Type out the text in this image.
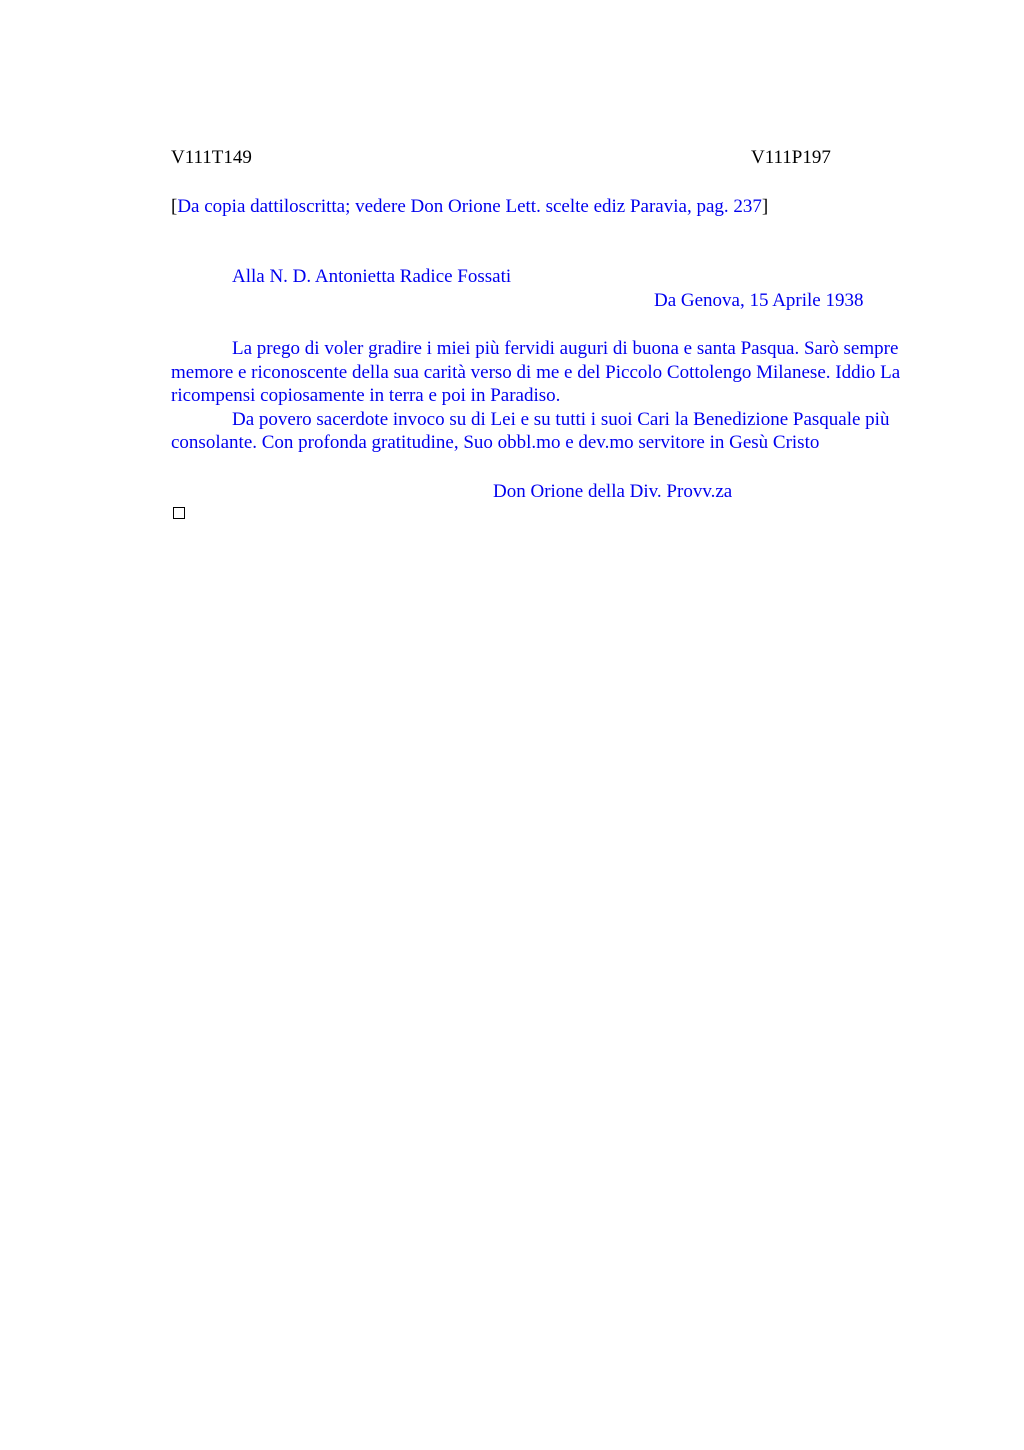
V111T149	V111P197
[Da copia dattiloscritta; vedere Don Orione Lett. scelte ediz Paravia, pag. 237]
Alla N. D. Antonietta Radice Fossati
Da Genova, 15 Aprile 1938

La prego di voler gradire i miei più fervidi auguri di buona e santa Pasqua. Sarò sempre memore e riconoscente della sua carità verso di me e del Piccolo Cottolengo Milanese. Iddio La ricompensi copiosamente in terra e poi in Paradiso.

Da povero sacerdote invoco su di Lei e su tutti i suoi Cari la Benedizione Pasquale più consolante. Con profonda gratitudine, Suo obbl.mo e dev.mo servitore in Gesù Cristo

Don Orione della Div. Provv.za
